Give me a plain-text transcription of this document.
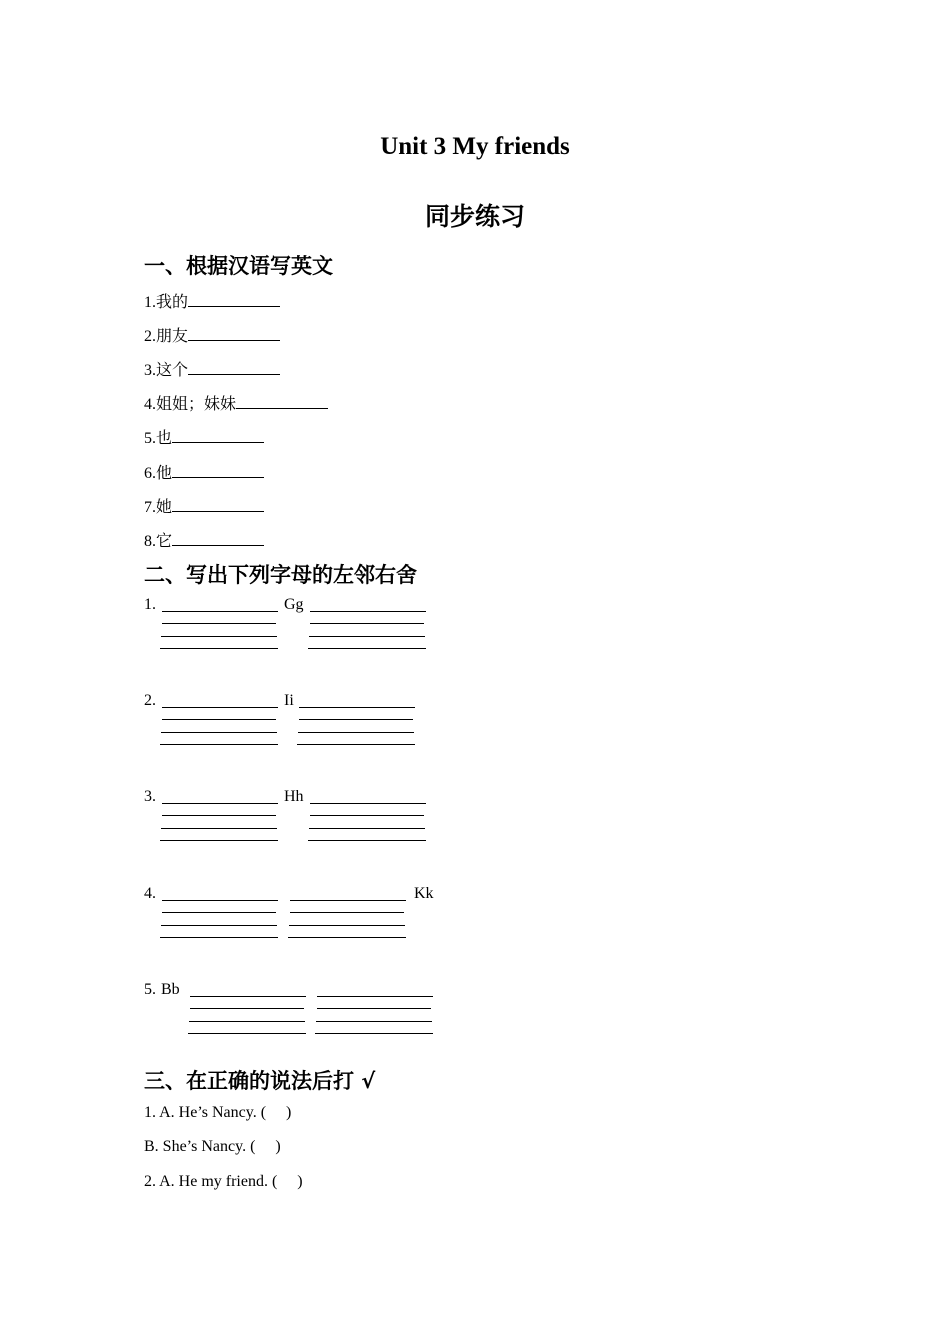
Unit 3 My friends
同步练习
一、根据汉语写英文
1.我的
2.朋友
3.这个
4.姐姐；妹妹
5.也
6.他
7.她
8.它
二、写出下列字母的左邻右舍
1.	Gg
2.	Ii
3.	Hh
4.	Kk
5. Bb
三、在正确的说法后打 √
1. A. He’s Nancy. (     )
B. She’s Nancy. (     )
2. A. He my friend. (     )
